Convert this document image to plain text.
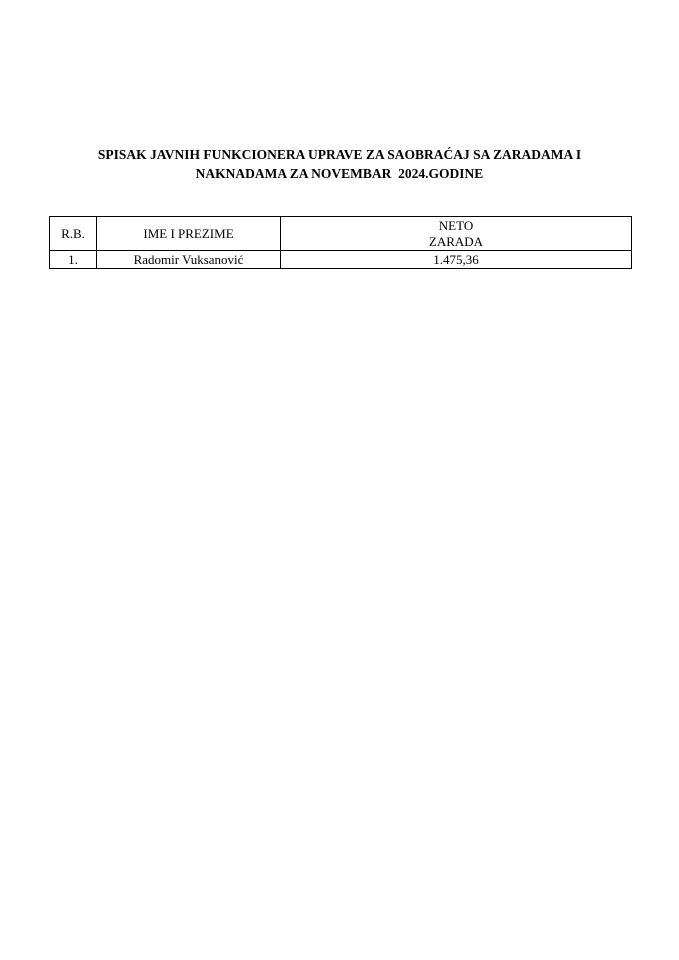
SPISAK JAVNIH FUNKCIONERA UPRAVE ZA SAOBRAĆAJ SA ZARADAMA I
NAKNADAMA ZA NOVEMBAR  2024.GODINE
R.B.	IME I PREZIME	NETO
ZARADA

1.	Radomir Vuksanović	1.475,36
